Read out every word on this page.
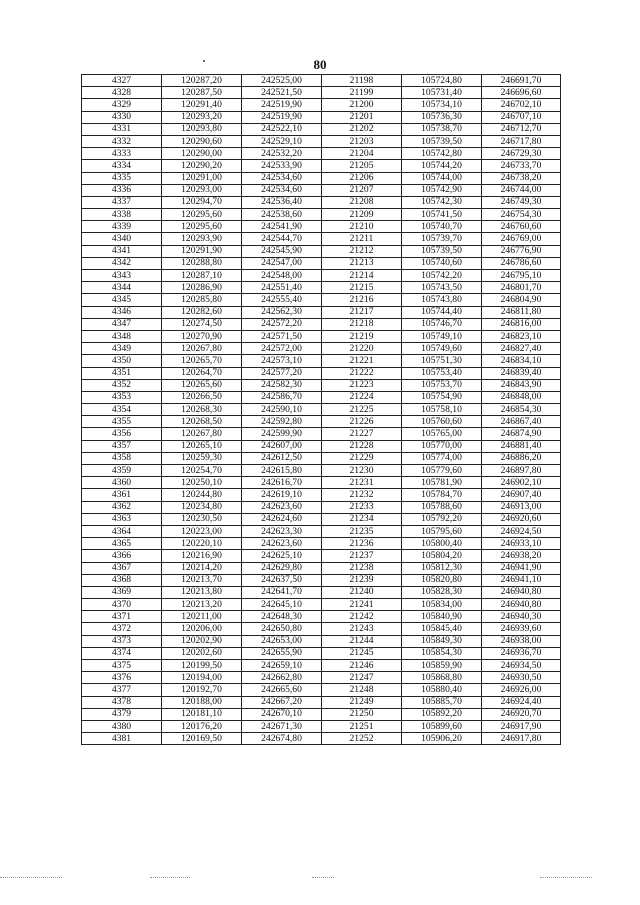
80
4327	120287,20	242525,00	21198	105724,80	246691,70
4328	120287,50	242521,50	21199	105731,40	246696,60
4329	120291,40	242519,90	21200	105734,10	246702,10
4330	120293,20	242519,90	21201	105736,30	246707,10
4331	120293,80	242522,10	21202	105738,70	246712,70
4332	120290,60	242529,10	21203	105739,50	246717,80
4333	120290,00	242532,20	21204	105742,80	246729,30
4334	120290,20	242533,90	21205	105744,20	246733,70
4335	120291,00	242534,60	21206	105744,00	246738,20
4336	120293,00	242534,60	21207	105742,90	246744,00
4337	120294,70	242536,40	21208	105742,30	246749,30
4338	120295,60	242538,60	21209	105741,50	246754,30
4339	120295,60	242541,90	21210	105740,70	246760,60
4340	120293,90	242544,70	21211	105739,70	246769,00
4341	120291,90	242545,90	21212	105739,50	246776,90
4342	120288,80	242547,00	21213	105740,60	246786,60
4343	120287,10	242548,00	21214	105742,20	246795,10
4344	120286,90	242551,40	21215	105743,50	246801,70
4345	120285,80	242555,40	21216	105743,80	246804,90
4346	120282,60	242562,30	21217	105744,40	246811,80
4347	120274,50	242572,20	21218	105746,70	246816,00
4348	120270,90	242571,50	21219	105749,10	246823,10
4349	120267,80	242572,00	21220	105749,60	246827,40
4350	120265,70	242573,10	21221	105751,30	246834,10
4351	120264,70	242577,20	21222	105753,40	246839,40
4352	120265,60	242582,30	21223	105753,70	246843,90
4353	120266,50	242586,70	21224	105754,90	246848,00
4354	120268,30	242590,10	21225	105758,10	246854,30
4355	120268,50	242592,80	21226	105760,60	246867,40
4356	120267,80	242599,90	21227	105765,00	246874,90
4357	120265,10	242607,00	21228	105770,00	246881,40
4358	120259,30	242612,50	21229	105774,00	246886,20
4359	120254,70	242615,80	21230	105779,60	246897,80
4360	120250,10	242616,70	21231	105781,90	246902,10
4361	120244,80	242619,10	21232	105784,70	246907,40
4362	120234,80	242623,60	21233	105788,60	246913,00
4363	120230,50	242624,60	21234	105792,20	246920,60
4364	120223,00	242623,30	21235	105795,60	246924,50
4365	120220,10	242623,60	21236	105800,40	246933,10
4366	120216,90	242625,10	21237	105804,20	246938,20
4367	120214,20	242629,80	21238	105812,30	246941,90
4368	120213,70	242637,50	21239	105820,80	246941,10
4369	120213,80	242641,70	21240	105828,30	246940,80
4370	120213,20	242645,10	21241	105834,00	246940,80
4371	120211,00	242648,30	21242	105840,90	246940,30
4372	120206,00	242650,80	21243	105845,40	246939,60
4373	120202,90	242653,00	21244	105849,30	246938,00
4374	120202,60	242655,90	21245	105854,30	246936,70
4375	120199,50	242659,10	21246	105859,90	246934,50
4376	120194,00	242662,80	21247	105868,80	246930,50
4377	120192,70	242665,60	21248	105880,40	246926,00
4378	120188,00	242667,20	21249	105885,70	246924,40
4379	120181,10	242670,10	21250	105892,20	246920,70
4380	120176,20	242671,30	21251	105899,60	246917,90
4381	120169,50	242674,80	21252	105906,20	246917,80
